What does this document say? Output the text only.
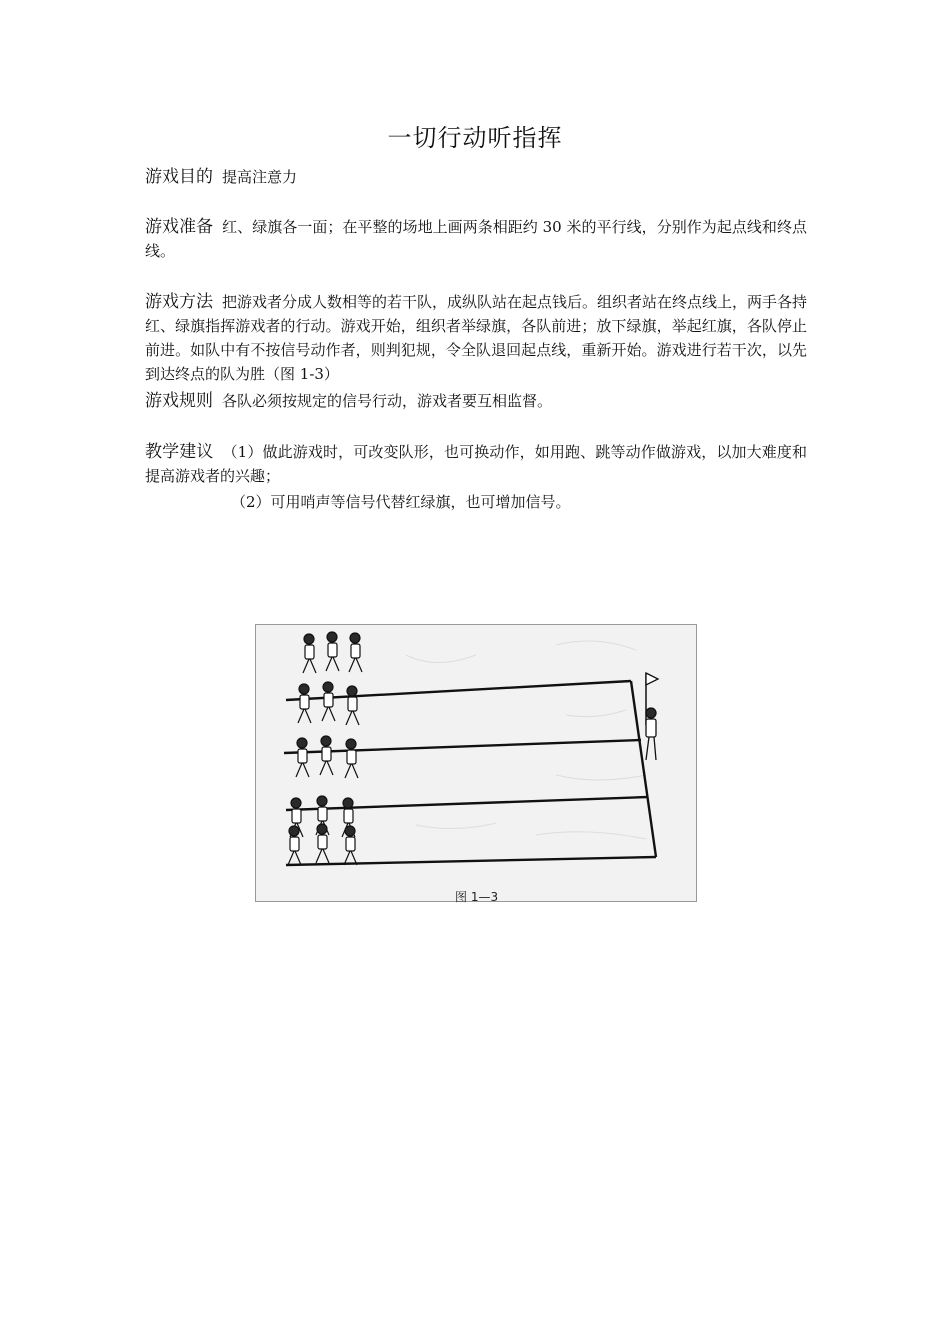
一切行动听指挥
游戏目的 提高注意力
游戏准备 红、绿旗各一面；在平整的场地上画两条相距约 30 米的平行线，分别作为起点线和终点线。
游戏方法 把游戏者分成人数相等的若干队，成纵队站在起点钱后。组织者站在终点线上，两手各持红、绿旗指挥游戏者的行动。游戏开始，组织者举绿旗，各队前进；放下绿旗，举起红旗，各队停止前进。如队中有不按信号动作者，则判犯规，令全队退回起点线，重新开始。游戏进行若干次，以先到达终点的队为胜（图 1-3）
游戏规则 各队必须按规定的信号行动，游戏者要互相监督。
教学建议 （1）做此游戏时，可改变队形，也可换动作，如用跑、跳等动作做游戏，以加大难度和提高游戏者的兴趣；
（2）可用哨声等信号代替红绿旗，也可增加信号。
图 1—3
